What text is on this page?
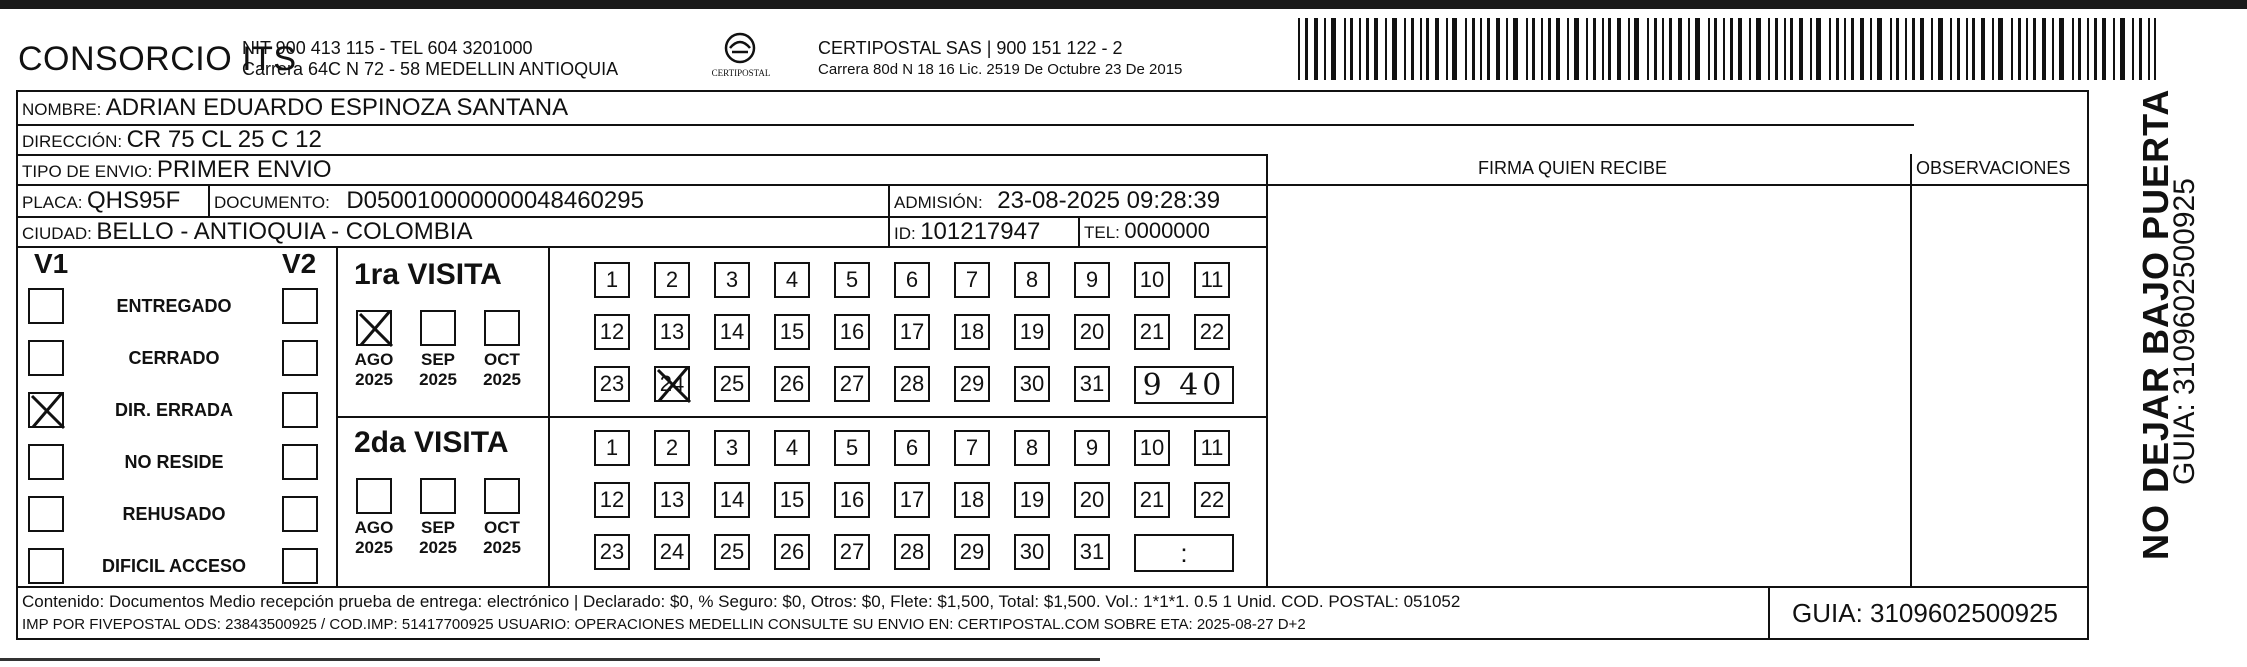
CONSORCIO ITS
NIT 900 413 115 - TEL 604 3201000
Carrera 64C N 72 - 58 MEDELLIN ANTIOQUIA	CERTIPOSTAL
CERTIPOSTAL SAS | 900 151 122 - 2
Carrera 80d N 18 16 Lic. 2519 De Octubre 23 De 2015
NOMBRE: ADRIAN EDUARDO ESPINOZA SANTANA
DIRECCIÓN: CR 75 CL 25 C 12
TIPO DE ENVIO: PRIMER ENVIO	FIRMA QUIEN RECIBE	OBSERVACIONES
PLACA: QHS95F DOCUMENTO: D050010000000048460295	ADMISIÓN: 23-08-2025 09:28:39
CIUDAD: BELLO - ANTIOQUIA - COLOMBIA	ID: 101217947	TEL: 0000000
V1	V2
ENTREGADO
CERRADO
DIR. ERRADA
NO RESIDE
REHUSADO
DIFICIL ACCESO
1ra VISITA
AGO
2025
SEP
2025
OCT
2025
2da VISITA
AGO
2025
SEP
2025
OCT
2025
1 2 3 4 5 6 7 8 9 10 11
12 13 14 15 16 17 18 19 20 21 22
23 24 25 26 27 28 29 30 31 9 40
1 2 3 4 5 6 7 8 9 10 11
12 13 14 15 16 17 18 19 20 21 22
23 24 25 26 27 28 29 30 31	:
Contenido: Documentos Medio recepción prueba de entrega: electrónico | Declarado: $0, % Seguro: $0, Otros: $0, Flete: $1,500, Total: $1,500. Vol.: 1*1*1. 0.5 1 Unid. COD. POSTAL: 051052
IMP POR FIVEPOSTAL ODS: 23843500925 / COD.IMP: 51417700925 USUARIO: OPERACIONES MEDELLIN CONSULTE SU ENVIO EN: CERTIPOSTAL.COM SOBRE ETA: 2025-08-27 D+2	GUIA: 3109602500925
NO DEJAR BAJO PUERTA
GUIA: 3109602500925
